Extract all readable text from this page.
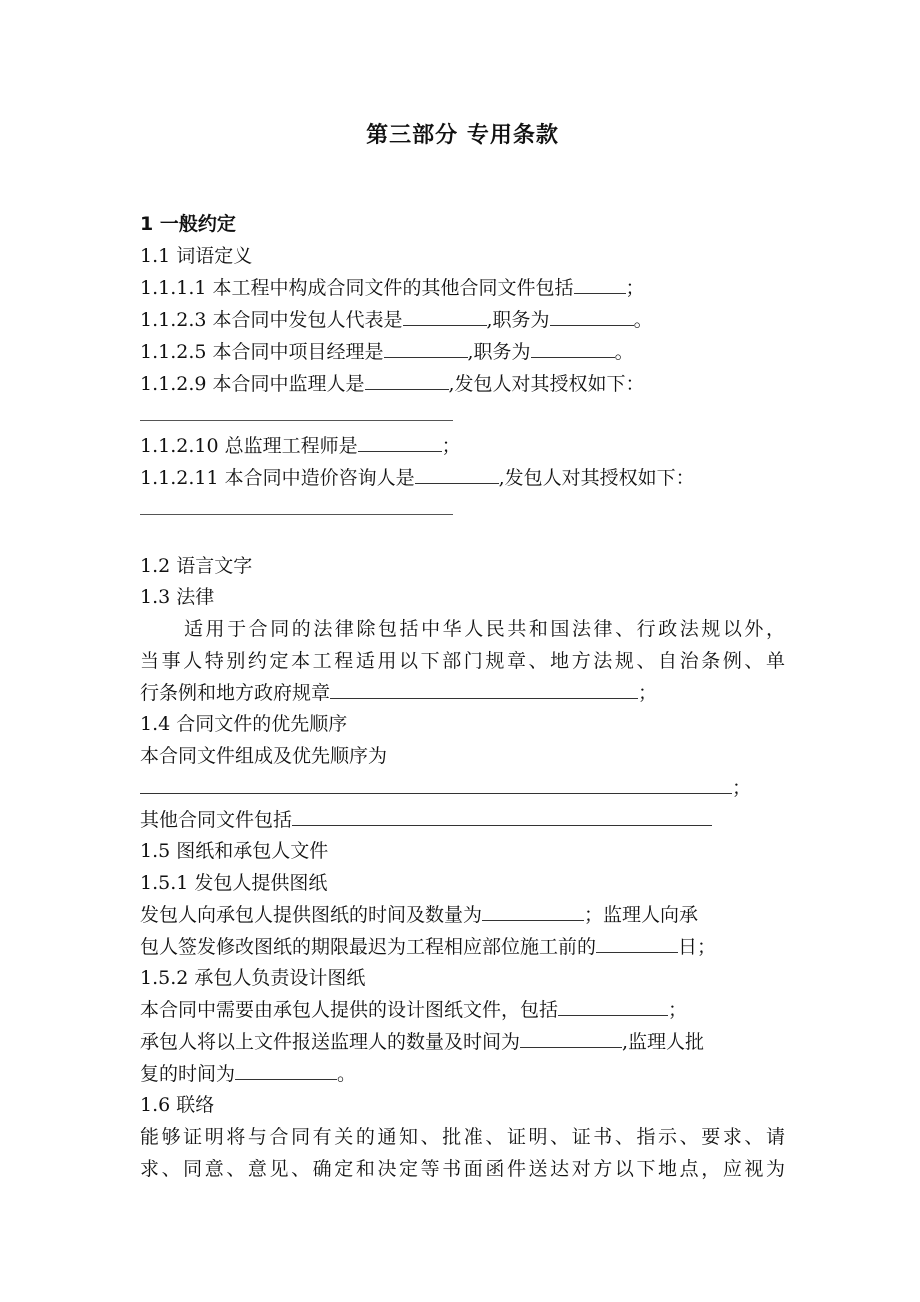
第三部分 专用条款
1 一般约定
1.1 词语定义
1.1.1.1 本工程中构成合同文件的其他合同文件包括	；
1.1.2.3 本合同中发包人代表是	,职务为	。
1.1.2.5 本合同中项目经理是	,职务为	。
1.1.2.9 本合同中监理人是	,发包人对其授权如下：
1.1.2.10 总监理工程师是	；
1.1.2.11 本合同中造价咨询人是	,发包人对其授权如下：
1.2 语言文字
1.3 法律
适用于合同的法律除包括中华人民共和国法律、行政法规以外，
当事人特别约定本工程适用以下部门规章、地方法规、自治条例、单
行条例和地方政府规章	；
1.4 合同文件的优先顺序
本合同文件组成及优先顺序为
；
其他合同文件包括
1.5 图纸和承包人文件
1.5.1 发包人提供图纸
发包人向承包人提供图纸的时间及数量为	；监理人向承
包人签发修改图纸的期限最迟为工程相应部位施工前的	日；
1.5.2 承包人负责设计图纸
本合同中需要由承包人提供的设计图纸文件，包括	；
承包人将以上文件报送监理人的数量及时间为	,监理人批
复的时间为	。
1.6 联络
能够证明将与合同有关的通知、批准、证明、证书、指示、要求、请
求、同意、意见、确定和决定等书面函件送达对方以下地点，应视为
